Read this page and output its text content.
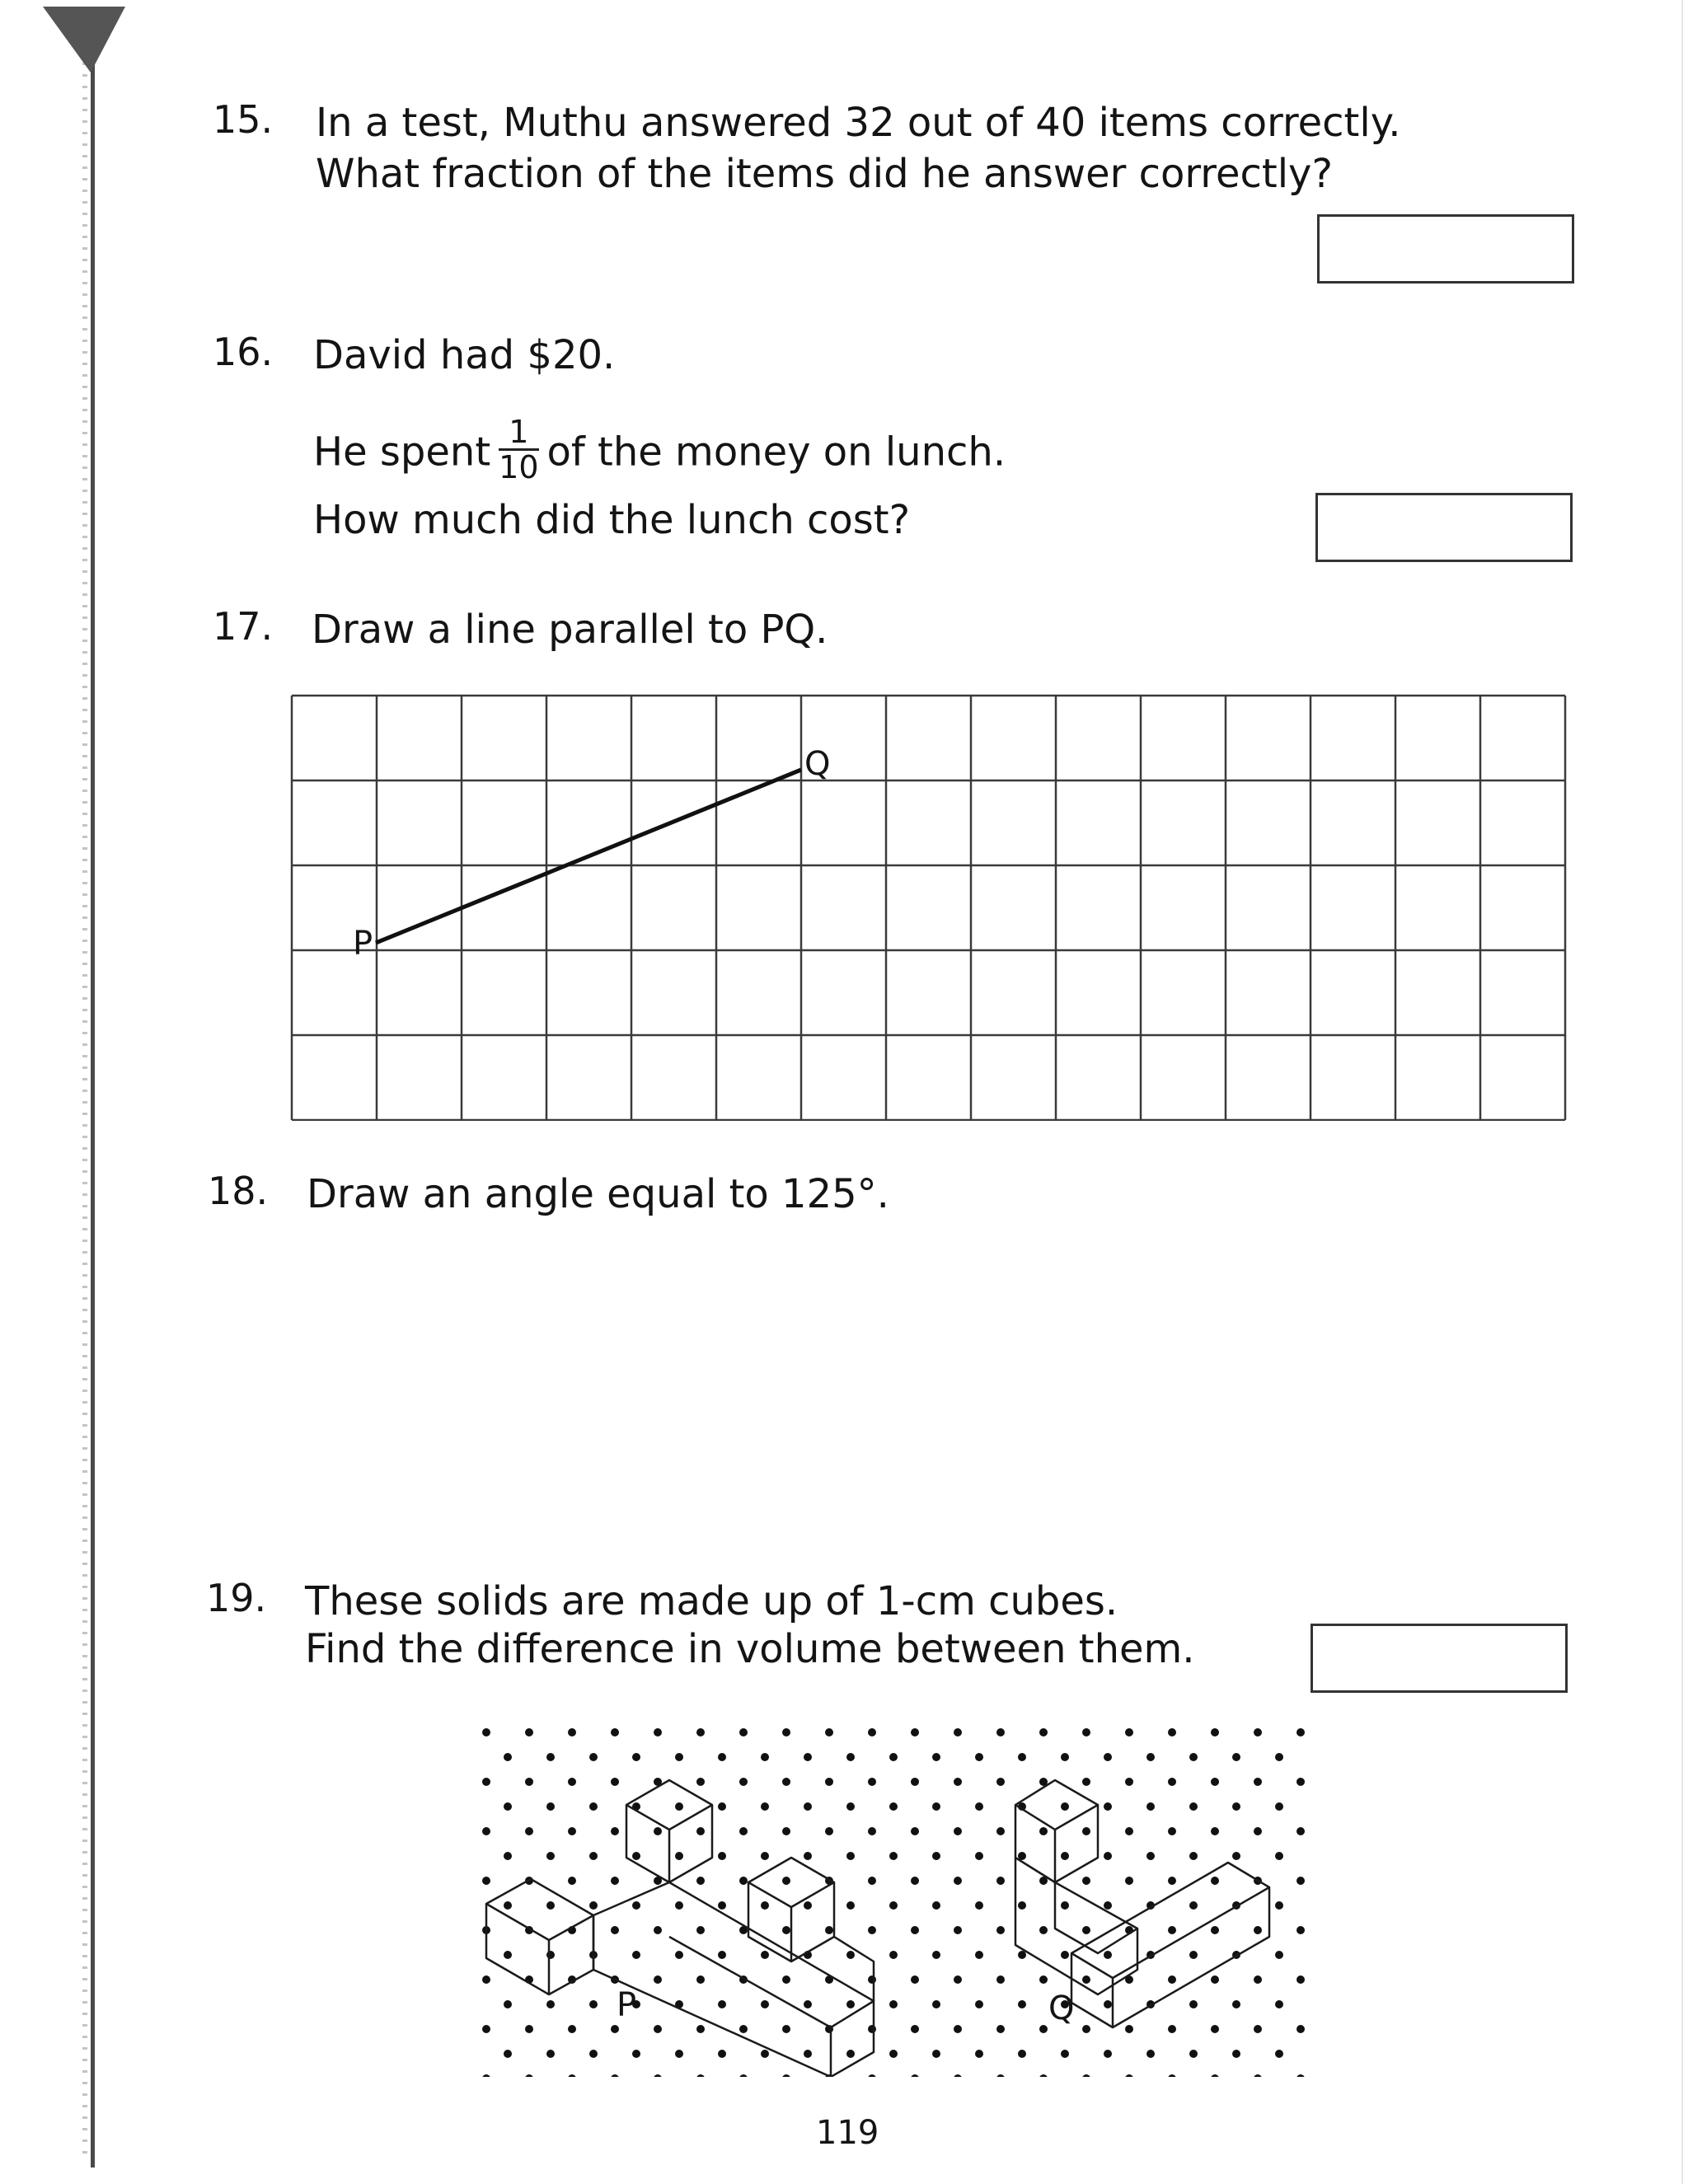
15. In a test, Muthu answered 32 out of 40 items correctly.
What fraction of the items did he answer correctly?
16. David had $20.
He spent $\frac{1}{10}$ of the money on lunch.
How much did the lunch cost?
17. Draw a line parallel to PQ.
P
Q
18. Draw an angle equal to 125°.
19. These solids are made up of 1-cm cubes.
Find the difference in volume between them.
P	Q
119
